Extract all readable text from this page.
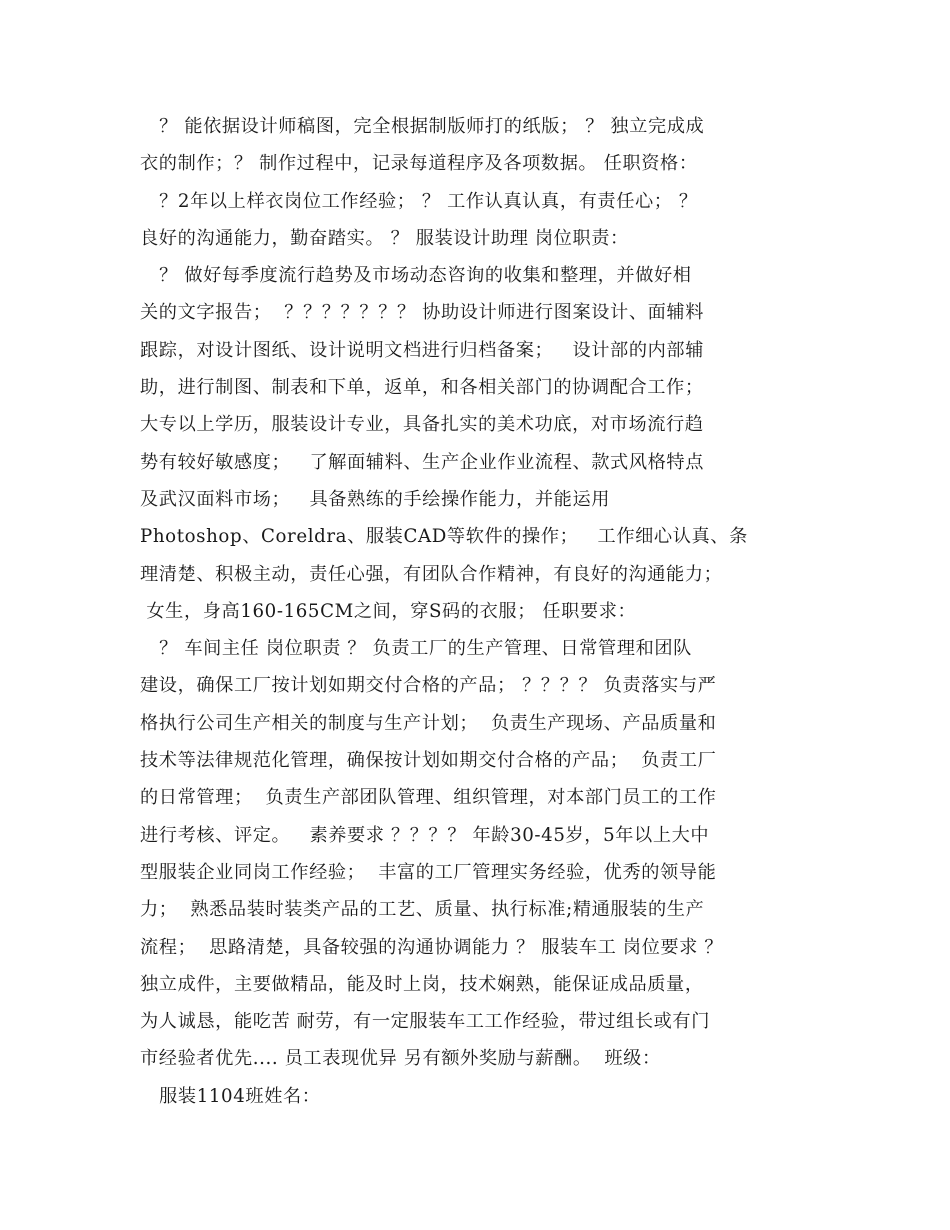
？ 能依据设计师稿图，完全根据制版师打的纸版； ？ 独立完成成
衣的制作；？ 制作过程中，记录每道程序及各项数据。 任职资格：
？2年以上样衣岗位工作经验； ？ 工作认真认真，有责任心； ？
良好的沟通能力，勤奋踏实。 ？ 服装设计助理 岗位职责：
？ 做好每季度流行趋势及市场动态咨询的收集和整理，并做好相
关的文字报告；  ？？？？？？？ 协助设计师进行图案设计、面辅料
跟踪，对设计图纸、设计说明文档进行归档备案；   设计部的内部辅
助，进行制图、制表和下单，返单，和各相关部门的协调配合工作；
大专以上学历，服装设计专业，具备扎实的美术功底，对市场流行趋
势有较好敏感度；   了解面辅料、生产企业作业流程、款式风格特点
及武汉面料市场；   具备熟练的手绘操作能力，并能运用
Photoshop、Coreldra、服装CAD等软件的操作；   工作细心认真、条
理清楚、积极主动，责任心强，有团队合作精神，有良好的沟通能力；
女生，身高160-165CM之间，穿S码的衣服； 任职要求：
？ 车间主任 岗位职责 ？ 负责工厂的生产管理、日常管理和团队
建设，确保工厂按计划如期交付合格的产品； ？？？？ 负责落实与严
格执行公司生产相关的制度与生产计划；  负责生产现场、产品质量和
技术等法律规范化管理，确保按计划如期交付合格的产品；  负责工厂
的日常管理；  负责生产部团队管理、组织管理，对本部门员工的工作
进行考核、评定。   素养要求 ？？？？ 年龄30-45岁，5年以上大中
型服装企业同岗工作经验；  丰富的工厂管理实务经验，优秀的领导能
力；  熟悉品装时装类产品的工艺、质量、执行标准;精通服装的生产
流程；  思路清楚，具备较强的沟通协调能力 ？ 服装车工 岗位要求 ？
独立成件，主要做精品，能及时上岗，技术娴熟，能保证成品质量，
为人诚恳，能吃苦 耐劳，有一定服装车工工作经验，带过组长或有门
市经验者优先.... 员工表现优异 另有额外奖励与薪酬。  班级：
服装1104班姓名：
